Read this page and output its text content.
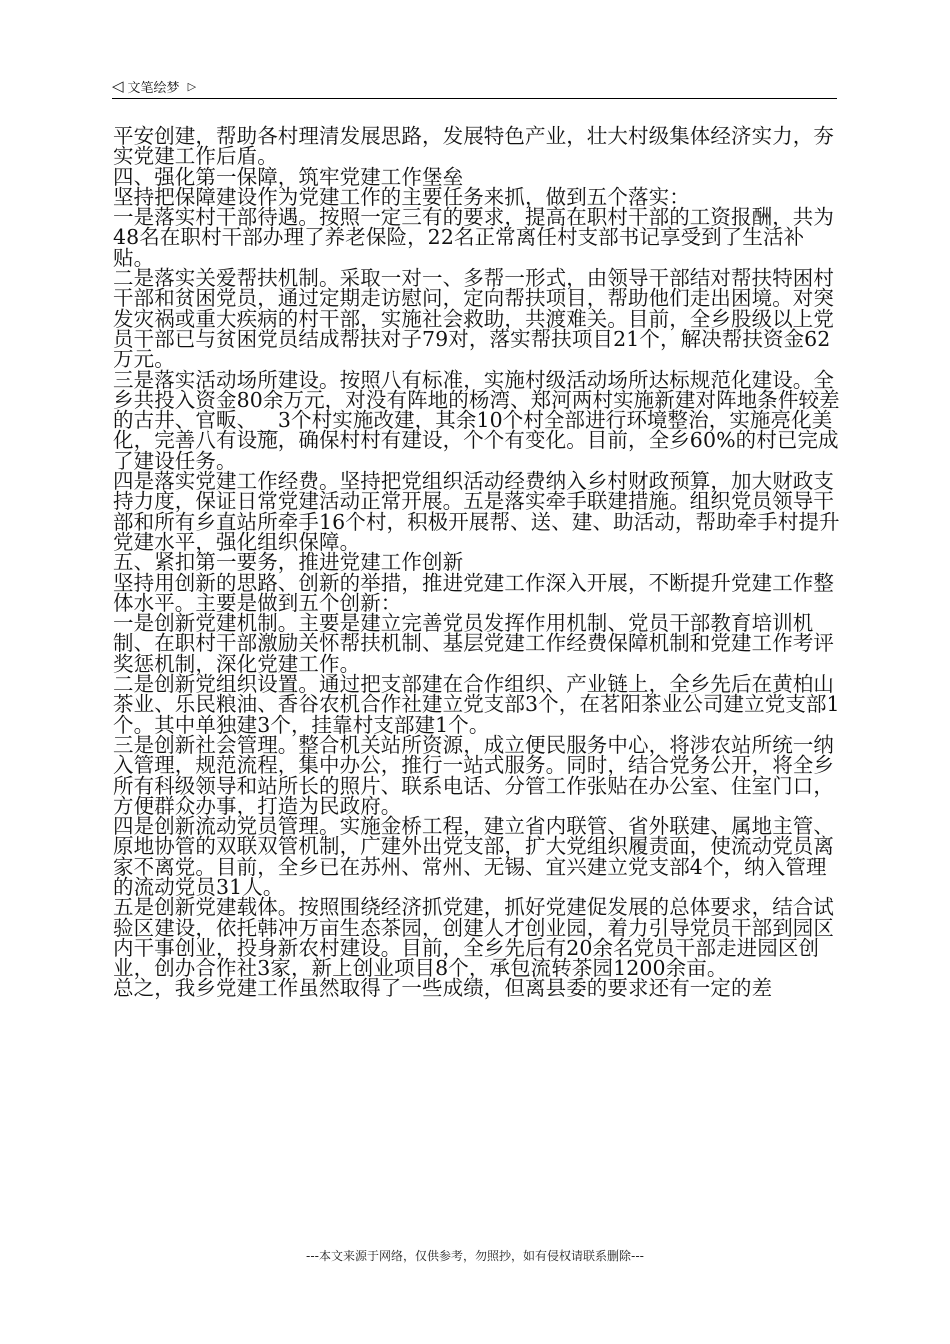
◁ 文笔绘梦 ▷

平安创建，帮助各村理清发展思路，发展特色产业，壮大村级集体经济实力，夯实党建工作后盾。

四、强化第一保障，筑牢党建工作堡垒

坚持把保障建设作为党建工作的主要任务来抓，做到五个落实：

一是落实村干部待遇。按照一定三有的要求，提高在职村干部的工资报酬，共为48名在职村干部办理了养老保险，22名正常离任村支部书记享受到了生活补贴。

二是落实关爱帮扶机制。采取一对一、多帮一形式，由领导干部结对帮扶特困村干部和贫困党员，通过定期走访慰问，定向帮扶项目，帮助他们走出困境。对突发灾祸或重大疾病的村干部，实施社会救助，共渡难关。目前，全乡股级以上党员干部已与贫困党员结成帮扶对子79对，落实帮扶项目21个，解决帮扶资金62万元。

三是落实活动场所建设。按照八有标准，实施村级活动场所达标规范化建设。全乡共投入资金80余万元，对没有阵地的杨湾、郑河两村实施新建对阵地条件较差的古井、官畈、__3个村实施改建，其余10个村全部进行环境整治，实施亮化美化，完善八有设施，确保村村有建设，个个有变化。目前，全乡60%的村已完成了建设任务。

四是落实党建工作经费。坚持把党组织活动经费纳入乡村财政预算，加大财政支持力度，保证日常党建活动正常开展。五是落实牵手联建措施。组织党员领导干部和所有乡直站所牵手16个村，积极开展帮、送、建、助活动，帮助牵手村提升党建水平，强化组织保障。

五、紧扣第一要务，推进党建工作创新

坚持用创新的思路、创新的举措，推进党建工作深入开展，不断提升党建工作整体水平。主要是做到五个创新：

一是创新党建机制。主要是建立完善党员发挥作用机制、党员干部教育培训机制、在职村干部激励关怀帮扶机制、基层党建工作经费保障机制和党建工作考评奖惩机制，深化党建工作。

二是创新党组织设置。通过把支部建在合作组织、产业链上，全乡先后在黄柏山茶业、乐民粮油、香谷农机合作社建立党支部3个，在茗阳茶业公司建立党支部1个。其中单独建3个，挂靠村支部建1个。

三是创新社会管理。整合机关站所资源，成立便民服务中心，将涉农站所统一纳入管理，规范流程，集中办公，推行一站式服务。同时，结合党务公开，将全乡所有科级领导和站所长的照片、联系电话、分管工作张贴在办公室、住室门口，方便群众办事，打造为民政府。

四是创新流动党员管理。实施金桥工程，建立省内联管、省外联建、属地主管、原地协管的双联双管机制，广建外出党支部，扩大党组织履责面，使流动党员离家不离党。目前，全乡已在苏州、常州、无锡、宜兴建立党支部4个，纳入管理的流动党员31人。

五是创新党建载体。按照围绕经济抓党建，抓好党建促发展的总体要求，结合试验区建设，依托韩冲万亩生态茶园，创建人才创业园，着力引导党员干部到园区内干事创业，投身新农村建设。目前，全乡先后有20余名党员干部走进园区创业，创办合作社3家，新上创业项目8个，承包流转茶园1200余亩。

总之，我乡党建工作虽然取得了一些成绩，但离县委的要求还有一定的差

---本文来源于网络，仅供参考，勿照抄，如有侵权请联系删除---
